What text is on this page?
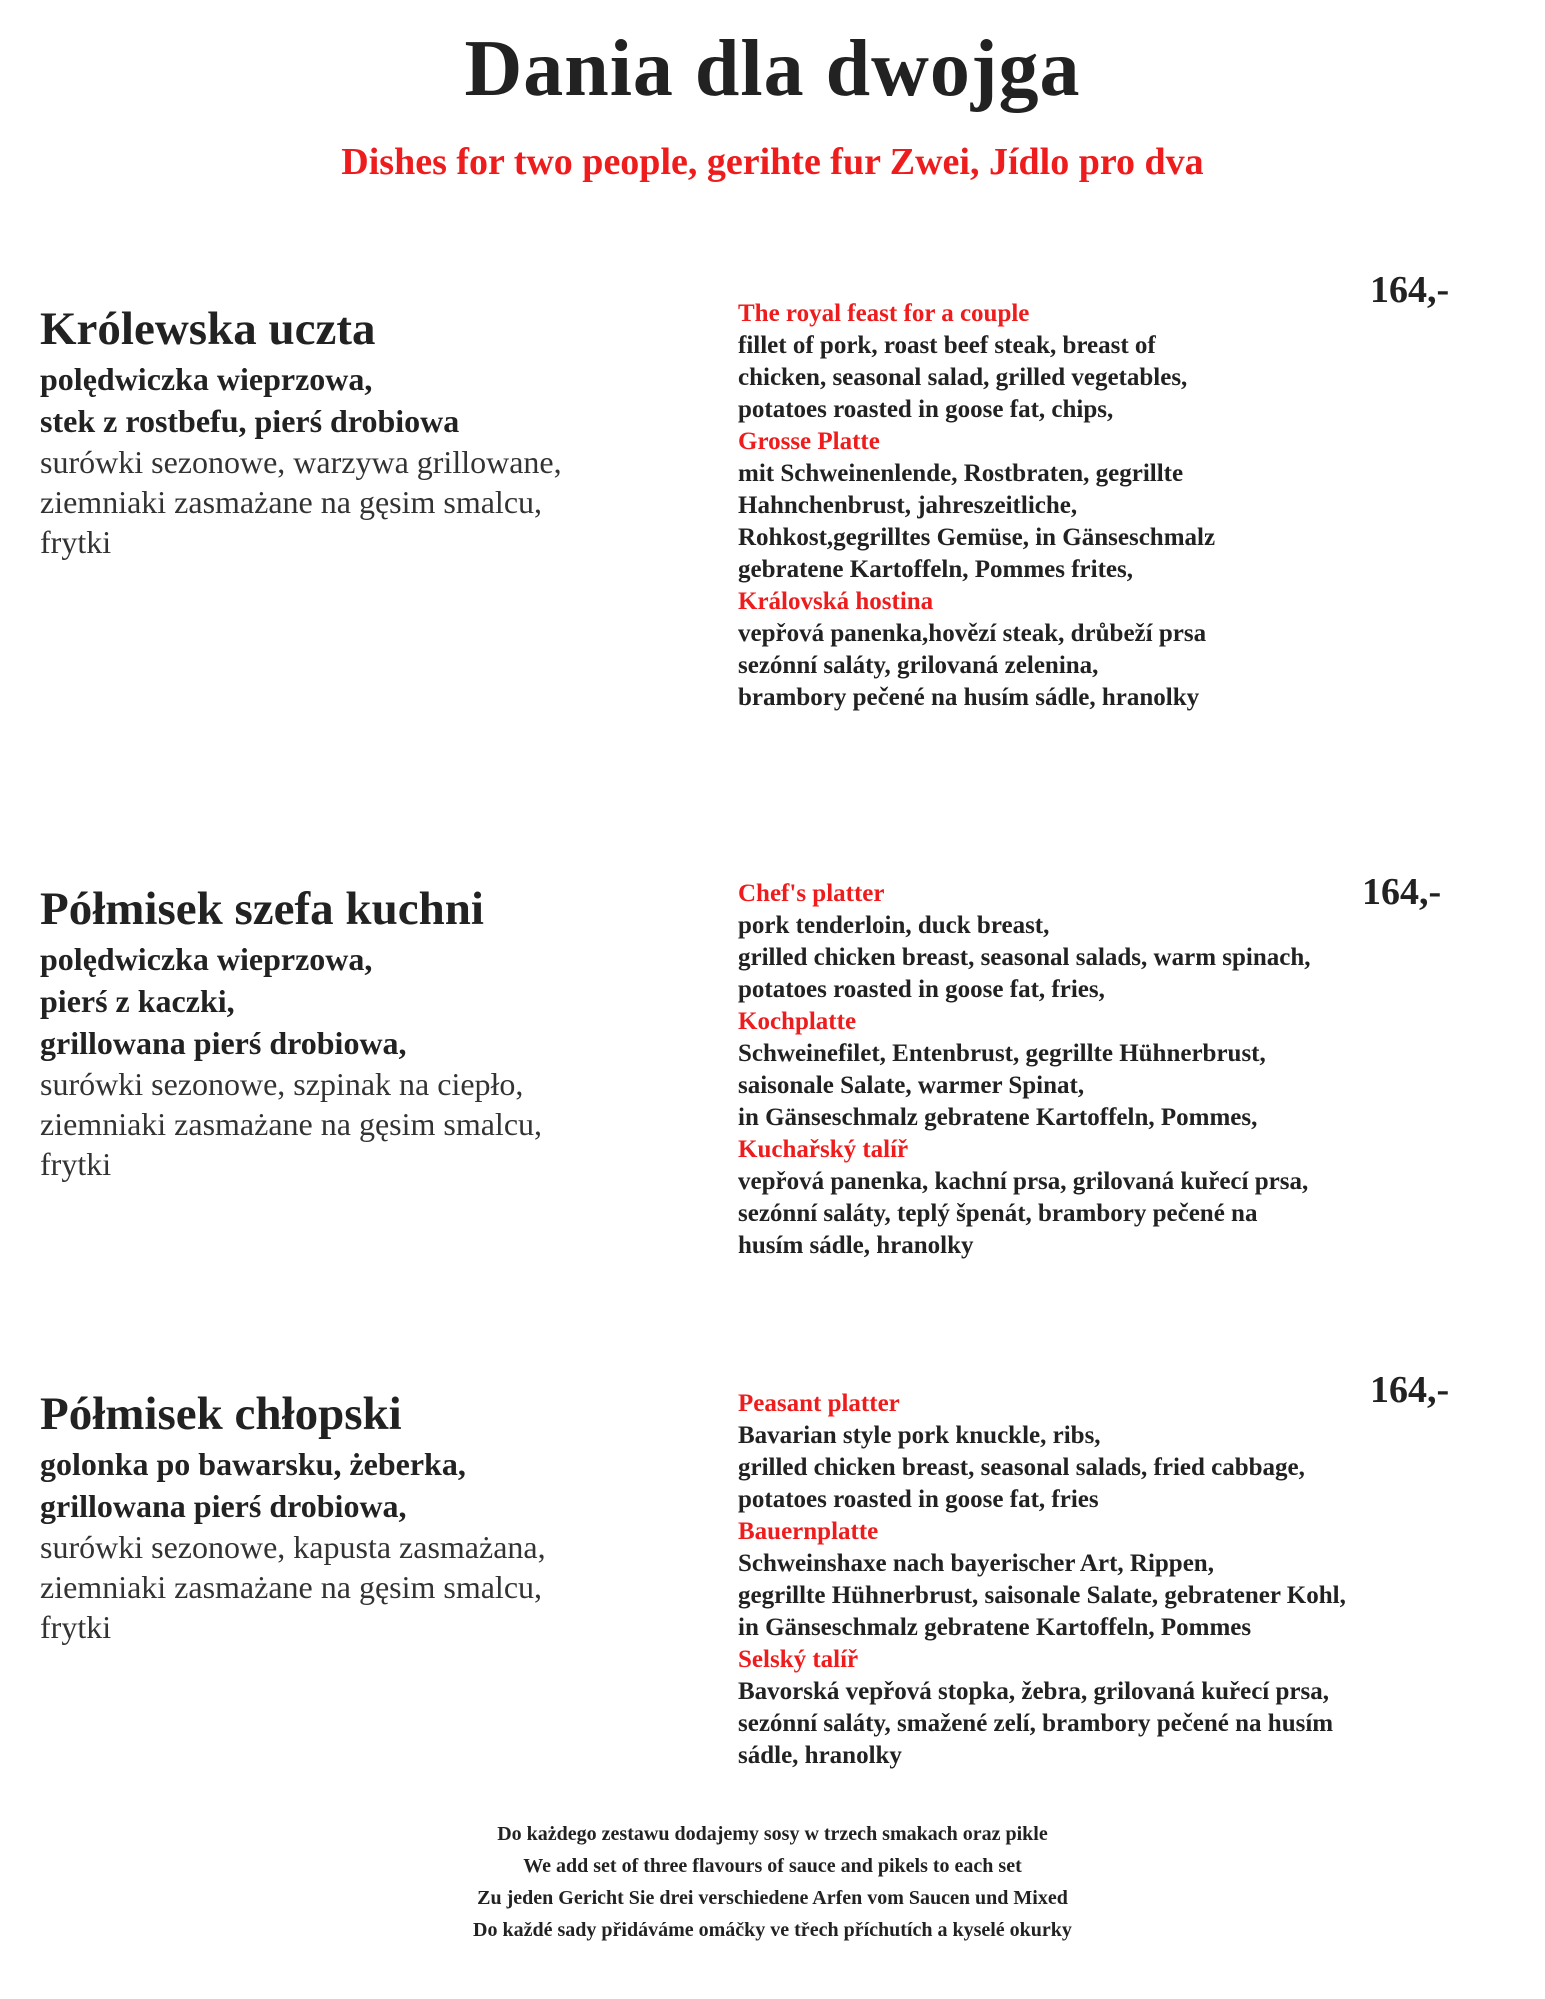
Dania dla dwojga
Dishes for two people, gerihte fur Zwei, Jídlo pro dva
Królewska uczta
polędwiczka wieprzowa,
stek z rostbefu, pierś drobiowa
surówki sezonowe, warzywa grillowane,
ziemniaki zasmażane na gęsim smalcu,
frytki
164,-
The royal feast for a couple
fillet of pork, roast beef steak, breast of
chicken, seasonal salad, grilled vegetables,
potatoes roasted in goose fat, chips,
Grosse Platte
mit Schweinenlende, Rostbraten, gegrillte
Hahnchenbrust, jahreszeitliche,
Rohkost,gegrilltes Gemüse, in Gänseschmalz
gebratene Kartoffeln, Pommes frites,
Královská hostina
vepřová panenka,hovězí steak, drůbeží prsa
sezónní saláty, grilovaná zelenina,
brambory pečené na husím sádle, hranolky
Półmisek szefa kuchni
polędwiczka wieprzowa,
pierś z kaczki,
grillowana pierś drobiowa,
surówki sezonowe, szpinak na ciepło,
ziemniaki zasmażane na gęsim smalcu,
frytki
164,-
Chef's platter
pork tenderloin, duck breast,
grilled chicken breast, seasonal salads, warm spinach,
potatoes roasted in goose fat, fries,
Kochplatte
Schweinefilet, Entenbrust, gegrillte Hühnerbrust,
saisonale Salate, warmer Spinat,
in Gänseschmalz gebratene Kartoffeln, Pommes,
Kuchařský talíř
vepřová panenka, kachní prsa, grilovaná kuřecí prsa,
sezónní saláty, teplý špenát, brambory pečené na
husím sádle, hranolky
Półmisek chłopski
golonka po bawarsku, żeberka,
grillowana pierś drobiowa,
surówki sezonowe, kapusta zasmażana,
ziemniaki zasmażane na gęsim smalcu,
frytki
164,-
Peasant platter
Bavarian style pork knuckle, ribs,
grilled chicken breast, seasonal salads, fried cabbage,
potatoes roasted in goose fat, fries
Bauernplatte
Schweinshaxe nach bayerischer Art, Rippen,
gegrillte Hühnerbrust, saisonale Salate, gebratener Kohl,
in Gänseschmalz gebratene Kartoffeln, Pommes
Selský talíř
Bavorská vepřová stopka, žebra, grilovaná kuřecí prsa,
sezónní saláty, smažené zelí, brambory pečené na husím
sádle, hranolky
Do każdego zestawu dodajemy sosy w trzech smakach oraz pikle
We add set of three flavours of sauce and pikels to each set
Zu jeden Gericht Sie drei verschiedene Arfen vom Saucen und Mixed
Do každé sady přidáváme omáčky ve třech příchutích a kyselé okurky
